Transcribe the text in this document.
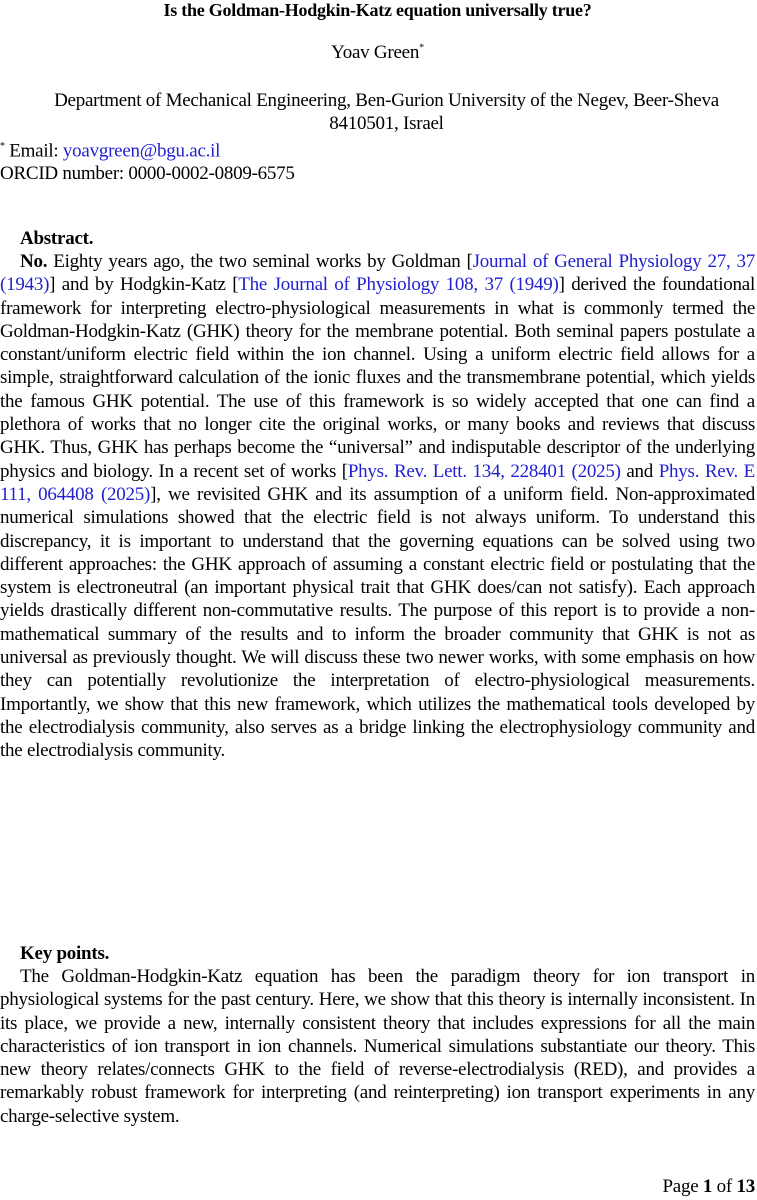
Is the Goldman-Hodgkin-Katz equation universally true?
Yoav Green*
Department of Mechanical Engineering, Ben-Gurion University of the Negev, Beer-Sheva
8410501, Israel
* Email: yoavgreen@bgu.ac.il
ORCID number: 0000-0002-0809-6575
Abstract.
No. Eighty years ago, the two seminal works by Goldman [Journal of General Physiology 27, 37 (1943)] and by Hodgkin-Katz [The Journal of Physiology 108, 37 (1949)] derived the foundational framework for interpreting electro-physiological measurements in what is commonly termed the Goldman-Hodgkin-Katz (GHK) theory for the membrane potential. Both seminal papers postulate a constant/uniform electric field within the ion channel. Using a uniform electric field allows for a simple, straightforward calculation of the ionic fluxes and the transmembrane potential, which yields the famous GHK potential. The use of this framework is so widely accepted that one can find a plethora of works that no longer cite the original works, or many books and reviews that discuss GHK. Thus, GHK has perhaps become the “universal” and indisputable descriptor of the underlying physics and biology. In a recent set of works [Phys. Rev. Lett. 134, 228401 (2025) and Phys. Rev. E 111, 064408 (2025)], we revisited GHK and its assumption of a uniform field. Non-approximated numerical simulations showed that the electric field is not always uniform. To understand this discrepancy, it is important to understand that the governing equations can be solved using two different approaches: the GHK approach of assuming a constant electric field or postulating that the system is electroneutral (an important physical trait that GHK does/can not satisfy). Each approach yields drastically different non-commutative results. The purpose of this report is to provide a non-mathematical summary of the results and to inform the broader community that GHK is not as universal as previously thought. We will discuss these two newer works, with some emphasis on how they can potentially revolutionize the interpretation of electro-physiological measurements. Importantly, we show that this new framework, which utilizes the mathematical tools developed by the electrodialysis community, also serves as a bridge linking the electrophysiology community and the electrodialysis community.
Key points.
The Goldman-Hodgkin-Katz equation has been the paradigm theory for ion transport in physiological systems for the past century. Here, we show that this theory is internally inconsistent. In its place, we provide a new, internally consistent theory that includes expressions for all the main characteristics of ion transport in ion channels. Numerical simulations substantiate our theory. This new theory relates/connects GHK to the field of reverse-electrodialysis (RED), and provides a remarkably robust framework for interpreting (and reinterpreting) ion transport experiments in any charge-selective system.
Page 1 of 13
